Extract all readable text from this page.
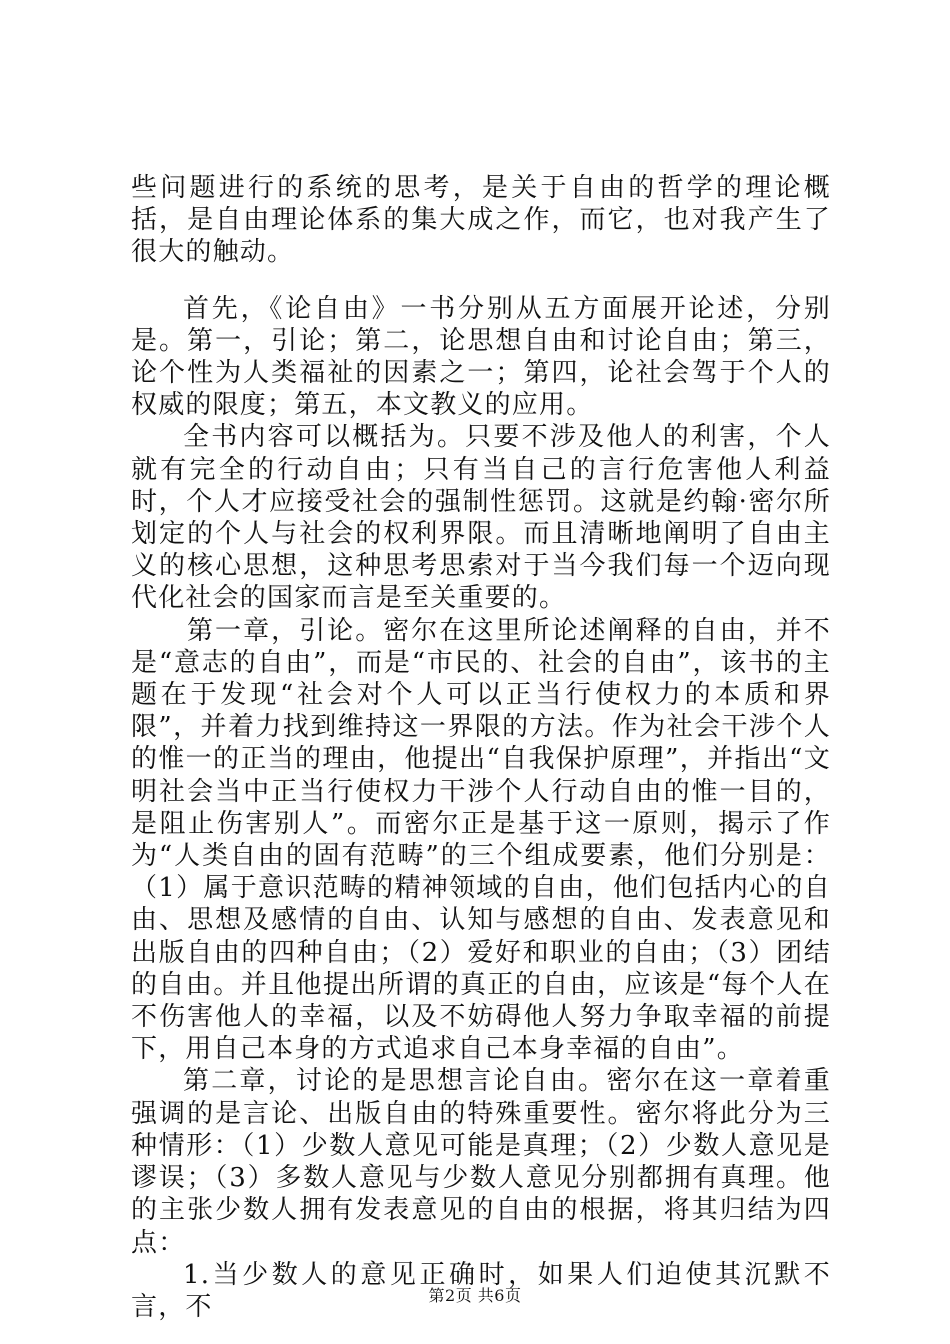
些问题进行的系统的思考，是关于自由的哲学的理论概括，是自由理论体系的集大成之作，而它，也对我产生了很大的触动。

首先，《论自由》一书分别从五方面展开论述，分别是。第一，引论；第二，论思想自由和讨论自由；第三，论个性为人类福祉的因素之一；第四，论社会驾于个人的权威的限度；第五，本文教义的应用。

全书内容可以概括为。只要不涉及他人的利害，个人就有完全的行动自由；只有当自己的言行危害他人利益时，个人才应接受社会的强制性惩罚。这就是约翰·密尔所划定的个人与社会的权利界限。而且清晰地阐明了自由主义的核心思想，这种思考思索对于当今我们每一个迈向现代化社会的国家而言是至关重要的。

第一章，引论。密尔在这里所论述阐释的自由，并不是“意志的自由”，而是“市民的、社会的自由”，该书的主题在于发现“社会对个人可以正当行使权力的本质和界限”，并着力找到维持这一界限的方法。作为社会干涉个人的惟一的正当的理由，他提出“自我保护原理”，并指出“文明社会当中正当行使权力干涉个人行动自由的惟一目的，是阻止伤害别人”。而密尔正是基于这一原则，揭示了作为“人类自由的固有范畴”的三个组成要素，他们分别是：（1）属于意识范畴的精神领域的自由，他们包括内心的自由、思想及感情的自由、认知与感想的自由、发表意见和出版自由的四种自由；（2）爱好和职业的自由；（3）团结的自由。并且他提出所谓的真正的自由，应该是“每个人在不伤害他人的幸福，以及不妨碍他人努力争取幸福的前提下，用自己本身的方式追求自己本身幸福的自由”。

第二章，讨论的是思想言论自由。密尔在这一章着重强调的是言论、出版自由的特殊重要性。密尔将此分为三种情形：（1）少数人意见可能是真理；（2）少数人意见是谬误；（3）多数人意见与少数人意见分别都拥有真理。他的主张少数人拥有发表意见的自由的根据，将其归结为四点：

1.当少数人的意见正确时，如果人们迫使其沉默不言，不	第2页 共6页
